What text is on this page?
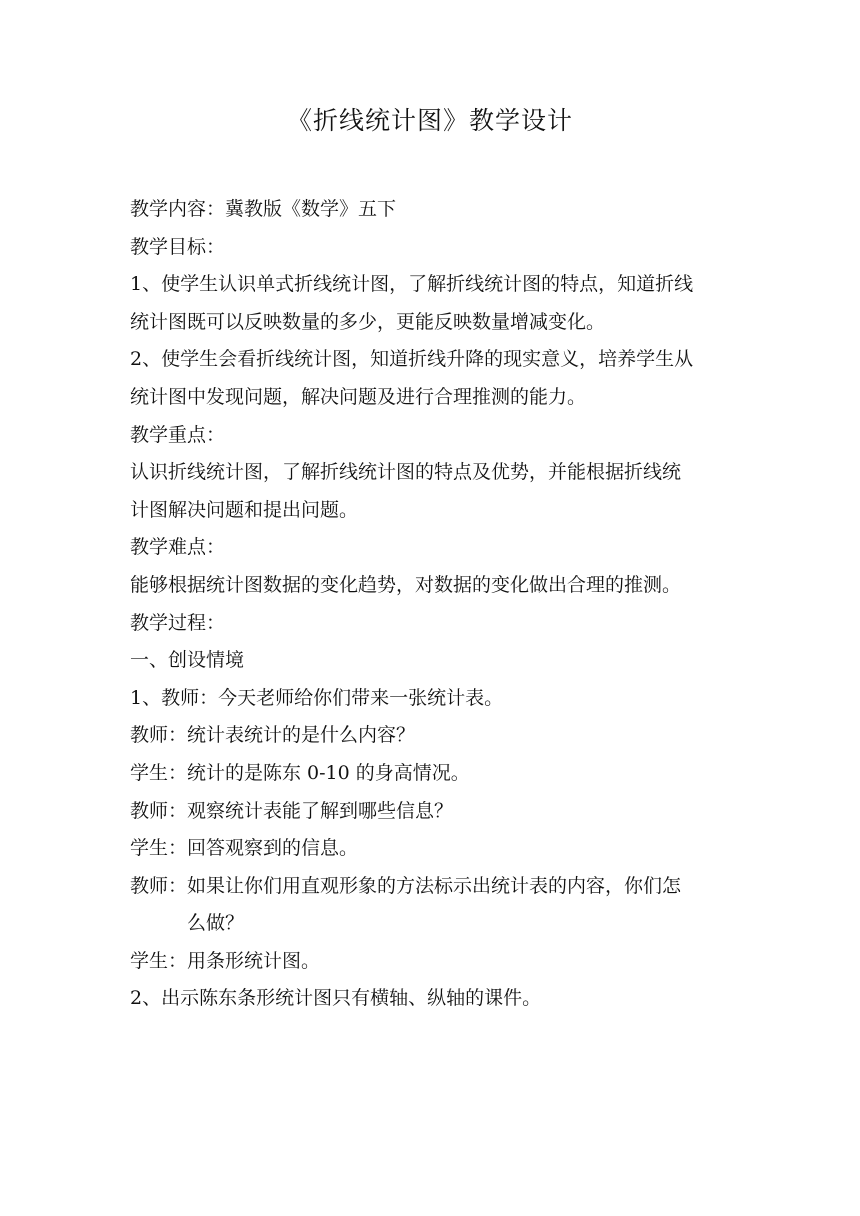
《折线统计图》教学设计
教学内容：冀教版《数学》五下
教学目标：
1、使学生认识单式折线统计图，了解折线统计图的特点，知道折线
统计图既可以反映数量的多少，更能反映数量增减变化。
2、使学生会看折线统计图，知道折线升降的现实意义，培养学生从
统计图中发现问题，解决问题及进行合理推测的能力。
教学重点：
认识折线统计图，了解折线统计图的特点及优势，并能根据折线统
计图解决问题和提出问题。
教学难点：
能够根据统计图数据的变化趋势，对数据的变化做出合理的推测。
教学过程：
一、创设情境
1、教师：今天老师给你们带来一张统计表。
教师：统计表统计的是什么内容？
学生：统计的是陈东 0-10 的身高情况。
教师：观察统计表能了解到哪些信息？
学生：回答观察到的信息。
教师： 如果让你们用直观形象的方法标示出统计表的内容，你们怎
么做？
学生：用条形统计图。
2、出示陈东条形统计图只有横轴、纵轴的课件。
